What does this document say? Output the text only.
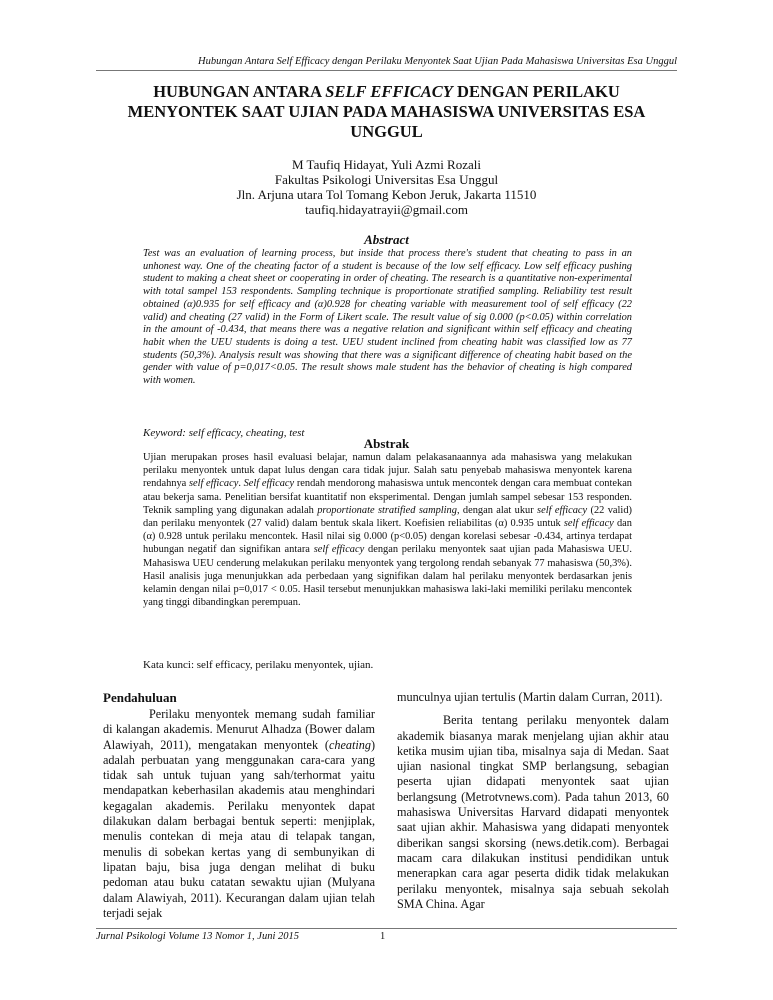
Hubungan Antara Self Efficacy dengan Perilaku Menyontek Saat Ujian Pada Mahasiswa Universitas Esa Unggul
HUBUNGAN ANTARA SELF EFFICACY DENGAN PERILAKU MENYONTEK SAAT UJIAN PADA MAHASISWA UNIVERSITAS ESA UNGGUL
M Taufiq Hidayat, Yuli Azmi Rozali
Fakultas Psikologi Universitas Esa Unggul
Jln. Arjuna utara Tol Tomang Kebon Jeruk, Jakarta 11510
taufiq.hidayatrayii@gmail.com
Abstract

Test was an evaluation of learning process, but inside that process there's student that cheating to pass in an unhonest way. One of the cheating factor of a student is because of the low self efficacy. Low self efficacy pushing student to making a cheat sheet or cooperating in order of cheating. The research is a quantitative non-experimental with total sampel 153 respondents. Sampling technique is proportionate stratified sampling. Reliability test result obtained (α)0.935 for self efficacy and (α)0.928 for cheating variable with measurement tool of self efficacy (22 valid) and cheating (27 valid) in the Form of Likert scale. The result value of sig 0.000 (p<0.05) within correlation in the amount of -0.434, that means there was a negative relation and significant within self efficacy and cheating habit when the UEU students is doing a test. UEU student inclined from cheating habit was classified low as 77 students (50,3%). Analysis result was showing that there was a significant difference of cheating habit based on the gender with value of p=0,017<0.05. The result shows male student has the behavior of cheating is high compared with women.

Keyword: self efficacy, cheating, test
Abstrak

Ujian merupakan proses hasil evaluasi belajar, namun dalam pelakasanaannya ada mahasiswa yang melakukan perilaku menyontek untuk dapat lulus dengan cara tidak jujur. Salah satu penyebab mahasiswa menyontek karena rendahnya self efficacy. Self efficacy rendah mendorong mahasiswa untuk mencontek dengan cara membuat contekan atau bekerja sama. Penelitian bersifat kuantitatif non eksperimental. Dengan jumlah sampel sebesar 153 responden. Teknik sampling yang digunakan adalah proportionate stratified sampling, dengan alat ukur self efficacy (22 valid) dan perilaku menyontek (27 valid) dalam bentuk skala likert. Koefisien reliabilitas (α) 0.935 untuk self efficacy dan (α) 0.928 untuk perilaku mencontek. Hasil nilai sig 0.000 (p<0.05) dengan korelasi sebesar -0.434, artinya terdapat hubungan negatif dan signifikan antara self efficacy dengan perilaku menyontek saat ujian pada Mahasiswa UEU. Mahasiswa UEU cenderung melakukan perilaku menyontek yang tergolong rendah sebanyak 77 mahasiswa (50,3%). Hasil analisis juga menunjukkan ada perbedaan yang signifikan dalam hal perilaku menyontek berdasarkan jenis kelamin dengan nilai p=0,017 < 0.05. Hasil tersebut menunjukkan mahasiswa laki-laki memiliki perilaku mencontek yang tinggi dibandingkan perempuan.

Kata kunci: self efficacy, perilaku menyontek, ujian.
Pendahuluan

Perilaku menyontek memang sudah familiar di kalangan akademis. Menurut Alhadza (Bower dalam Alawiyah, 2011), mengatakan menyontek (cheating) adalah perbuatan yang menggunakan cara-cara yang tidak sah untuk tujuan yang sah/terhormat yaitu mendapatkan keberhasilan akademis atau menghindari kegagalan akademis. Perilaku menyontek dapat dilakukan dalam berbagai bentuk seperti: menjiplak, menulis contekan di meja atau di telapak tangan, menulis di sobekan kertas yang di sembunyikan di lipatan baju, bisa juga dengan melihat di buku pedoman atau buku catatan sewaktu ujian (Mulyana dalam Alawiyah, 2011). Kecurangan dalam ujian telah terjadi sejak

munculnya ujian tertulis (Martin dalam Curran, 2011).

Berita tentang perilaku menyontek dalam akademik biasanya marak menjelang ujian akhir atau ketika musim ujian tiba, misalnya saja di Medan. Saat ujian nasional tingkat SMP berlangsung, sebagian peserta ujian didapati menyontek saat ujian berlangsung (Metrotvnews.com). Pada tahun 2013, 60 mahasiswa Universitas Harvard didapati menyontek saat ujian akhir. Mahasiswa yang didapati menyontek diberikan sangsi skorsing (news.detik.com). Berbagai macam cara dilakukan institusi pendidikan untuk menerapkan cara agar peserta didik tidak melakukan perilaku menyontek, misalnya saja sebuah sekolah SMA China. Agar

Jurnal Psikologi Volume 13 Nomor 1, Juni 2015	1
